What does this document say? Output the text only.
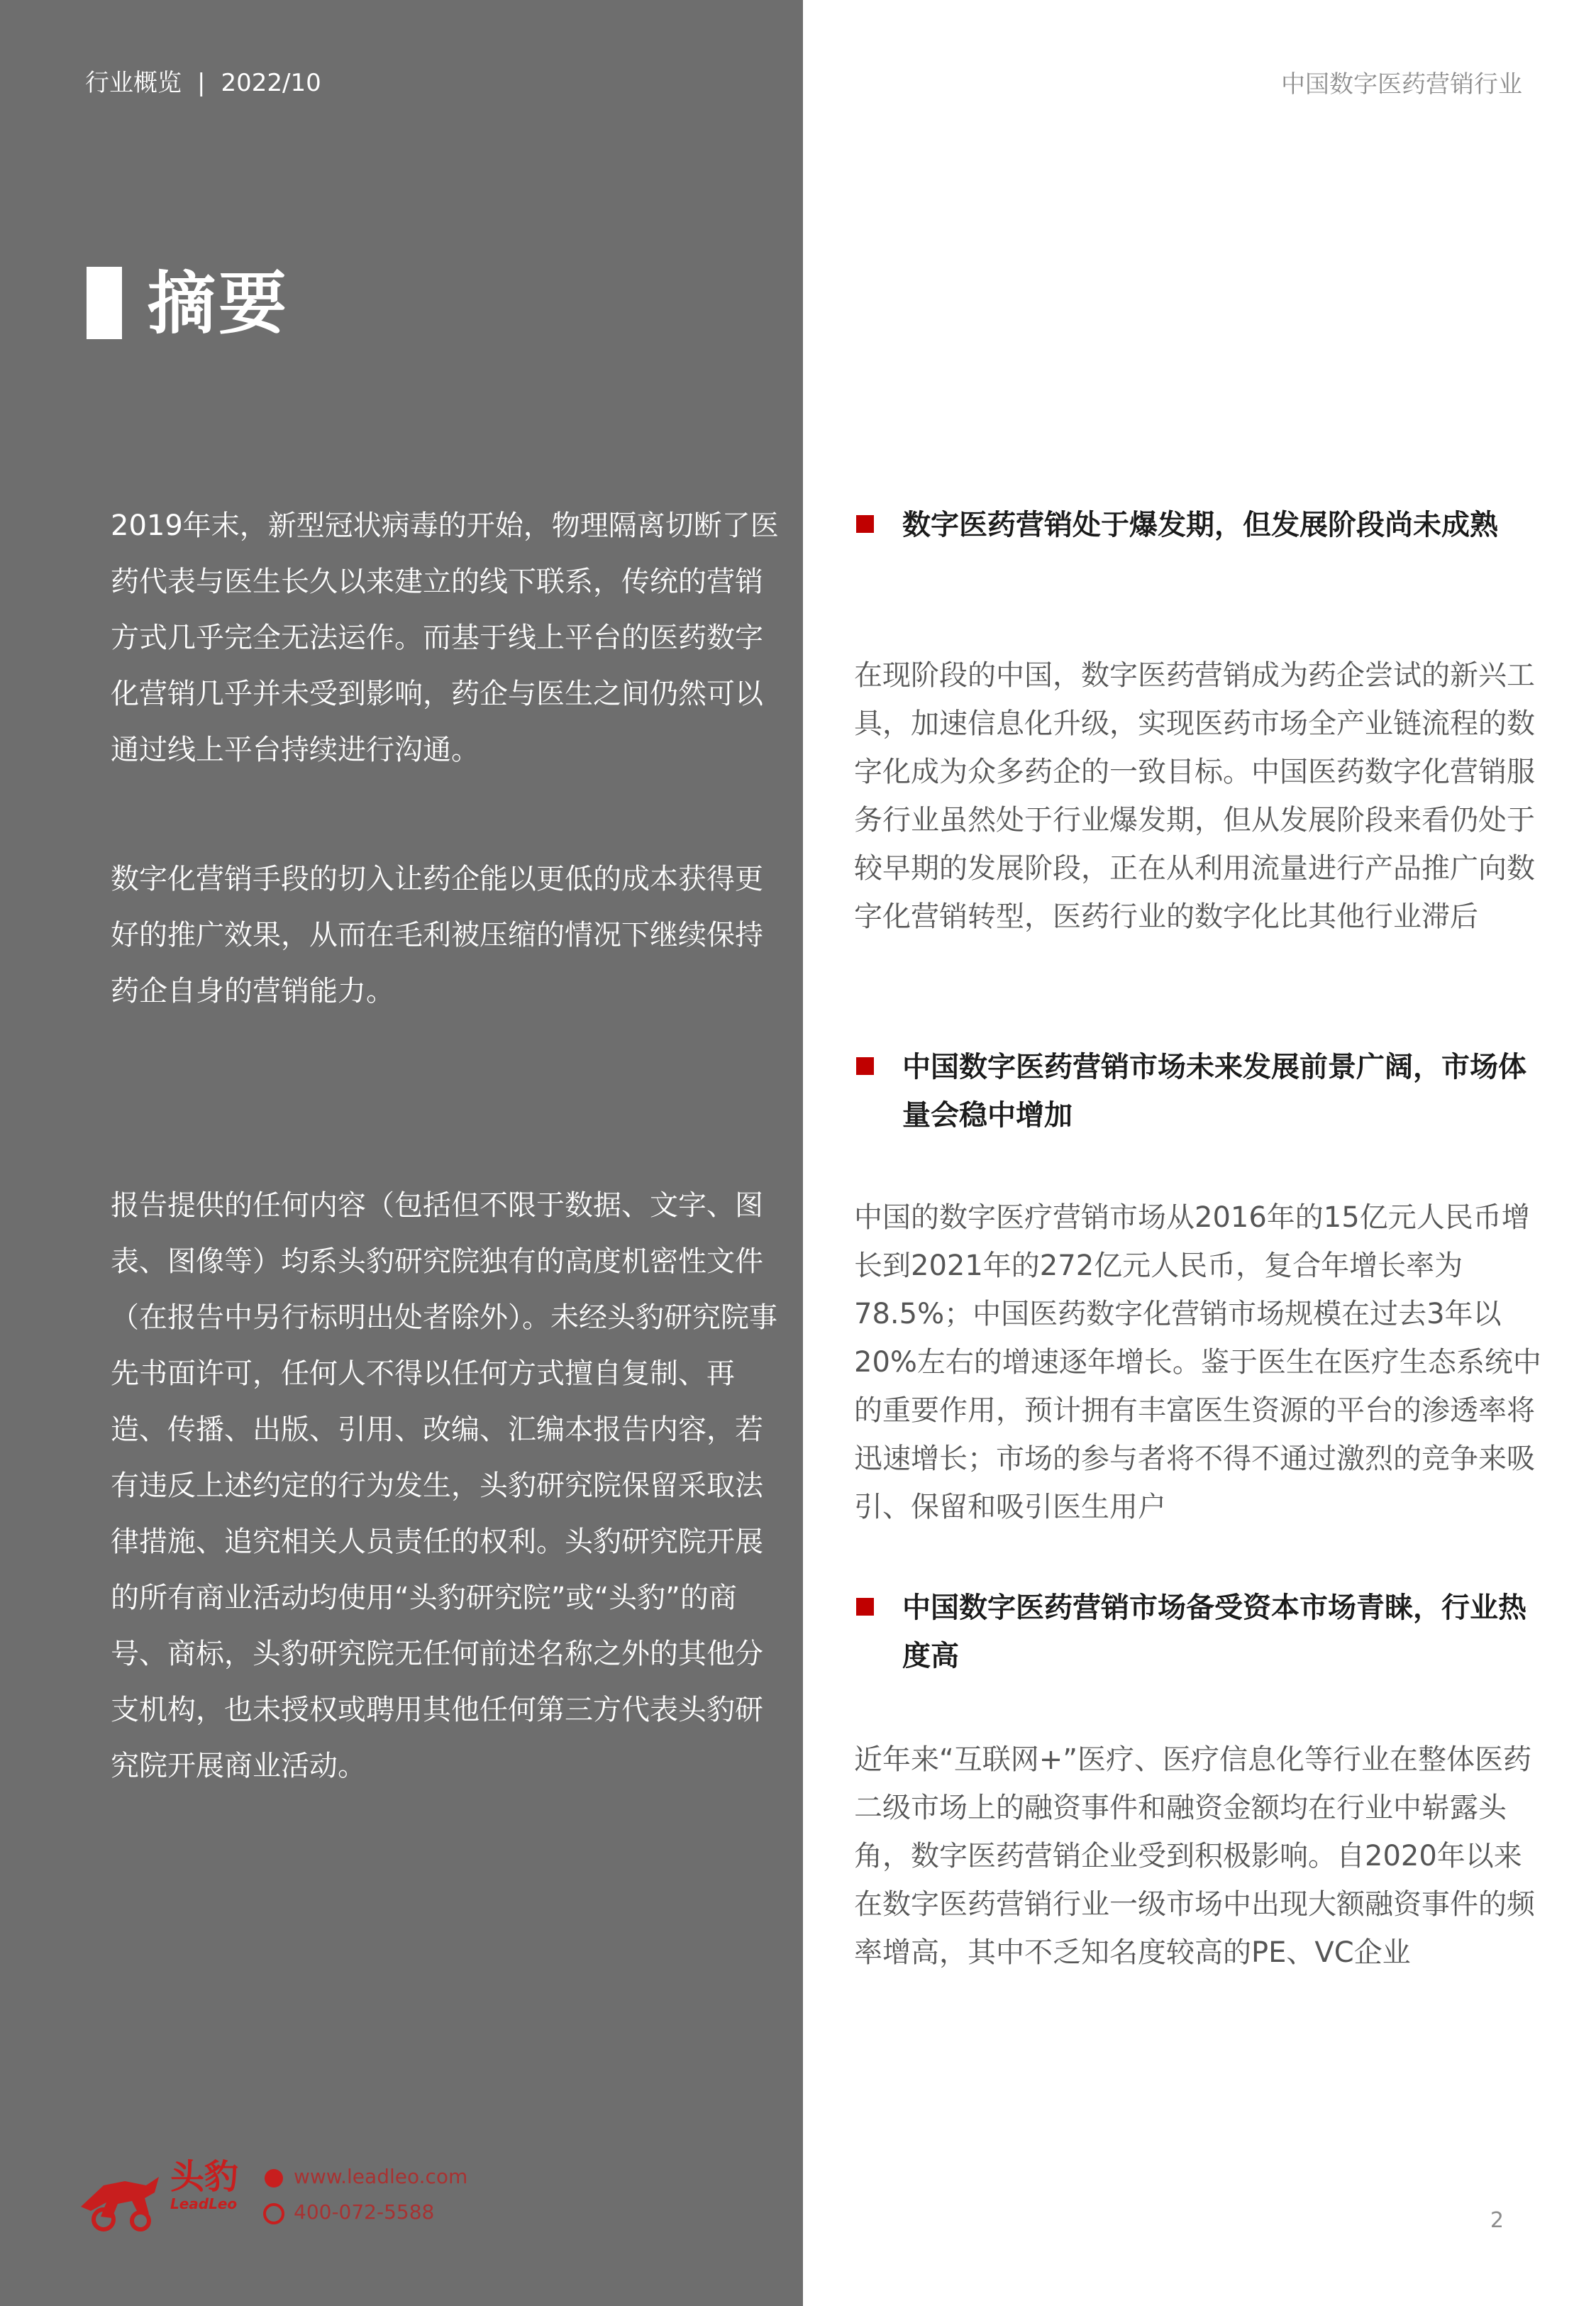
行业概览 | 2022/10	中国数字医药营销行业
摘要

2019年末，新型冠状病毒的开始，物理隔离切断了医药代表与医生长久以来建立的线下联系，传统的营销方式几乎完全无法运作。而基于线上平台的医药数字化营销几乎并未受到影响，药企与医生之间仍然可以通过线上平台持续进行沟通。

数字化营销手段的切入让药企能以更低的成本获得更好的推广效果，从而在毛利被压缩的情况下继续保持药企自身的营销能力。

报告提供的任何内容（包括但不限于数据、文字、图表、图像等）均系头豹研究院独有的高度机密性文件（在报告中另行标明出处者除外）。未经头豹研究院事先书面许可，任何人不得以任何方式擅自复制、再造、传播、出版、引用、改编、汇编本报告内容，若有违反上述约定的行为发生，头豹研究院保留采取法律措施、追究相关人员责任的权利。头豹研究院开展的所有商业活动均使用“头豹研究院”或“头豹”的商号、商标，头豹研究院无任何前述名称之外的其他分支机构，也未授权或聘用其他任何第三方代表头豹研究院开展商业活动。

数字医药营销处于爆发期，但发展阶段尚未成熟

在现阶段的中国，数字医药营销成为药企尝试的新兴工具，加速信息化升级，实现医药市场全产业链流程的数字化成为众多药企的一致目标。中国医药数字化营销服务行业虽然处于行业爆发期，但从发展阶段来看仍处于较早期的发展阶段，正在从利用流量进行产品推广向数字化营销转型，医药行业的数字化比其他行业滞后

中国数字医药营销市场未来发展前景广阔，市场体量会稳中增加

中国的数字医疗营销市场从2016年的15亿元人民币增长到2021年的272亿元人民币，复合年增长率为78.5%；中国医药数字化营销市场规模在过去3年以20%左右的增速逐年增长。鉴于医生在医疗生态系统中的重要作用，预计拥有丰富医生资源的平台的渗透率将迅速增长；市场的参与者将不得不通过激烈的竞争来吸引、保留和吸引医生用户

中国数字医药营销市场备受资本市场青睐，行业热度高

近年来“互联网+”医疗、医疗信息化等行业在整体医药二级市场上的融资事件和融资金额均在行业中崭露头角，数字医药营销企业受到积极影响。自2020年以来在数字医药营销行业一级市场中出现大额融资事件的频率增高，其中不乏知名度较高的PE、VC企业

头豹
LeadLeo
www.leadleo.com
400-072-5588	2
